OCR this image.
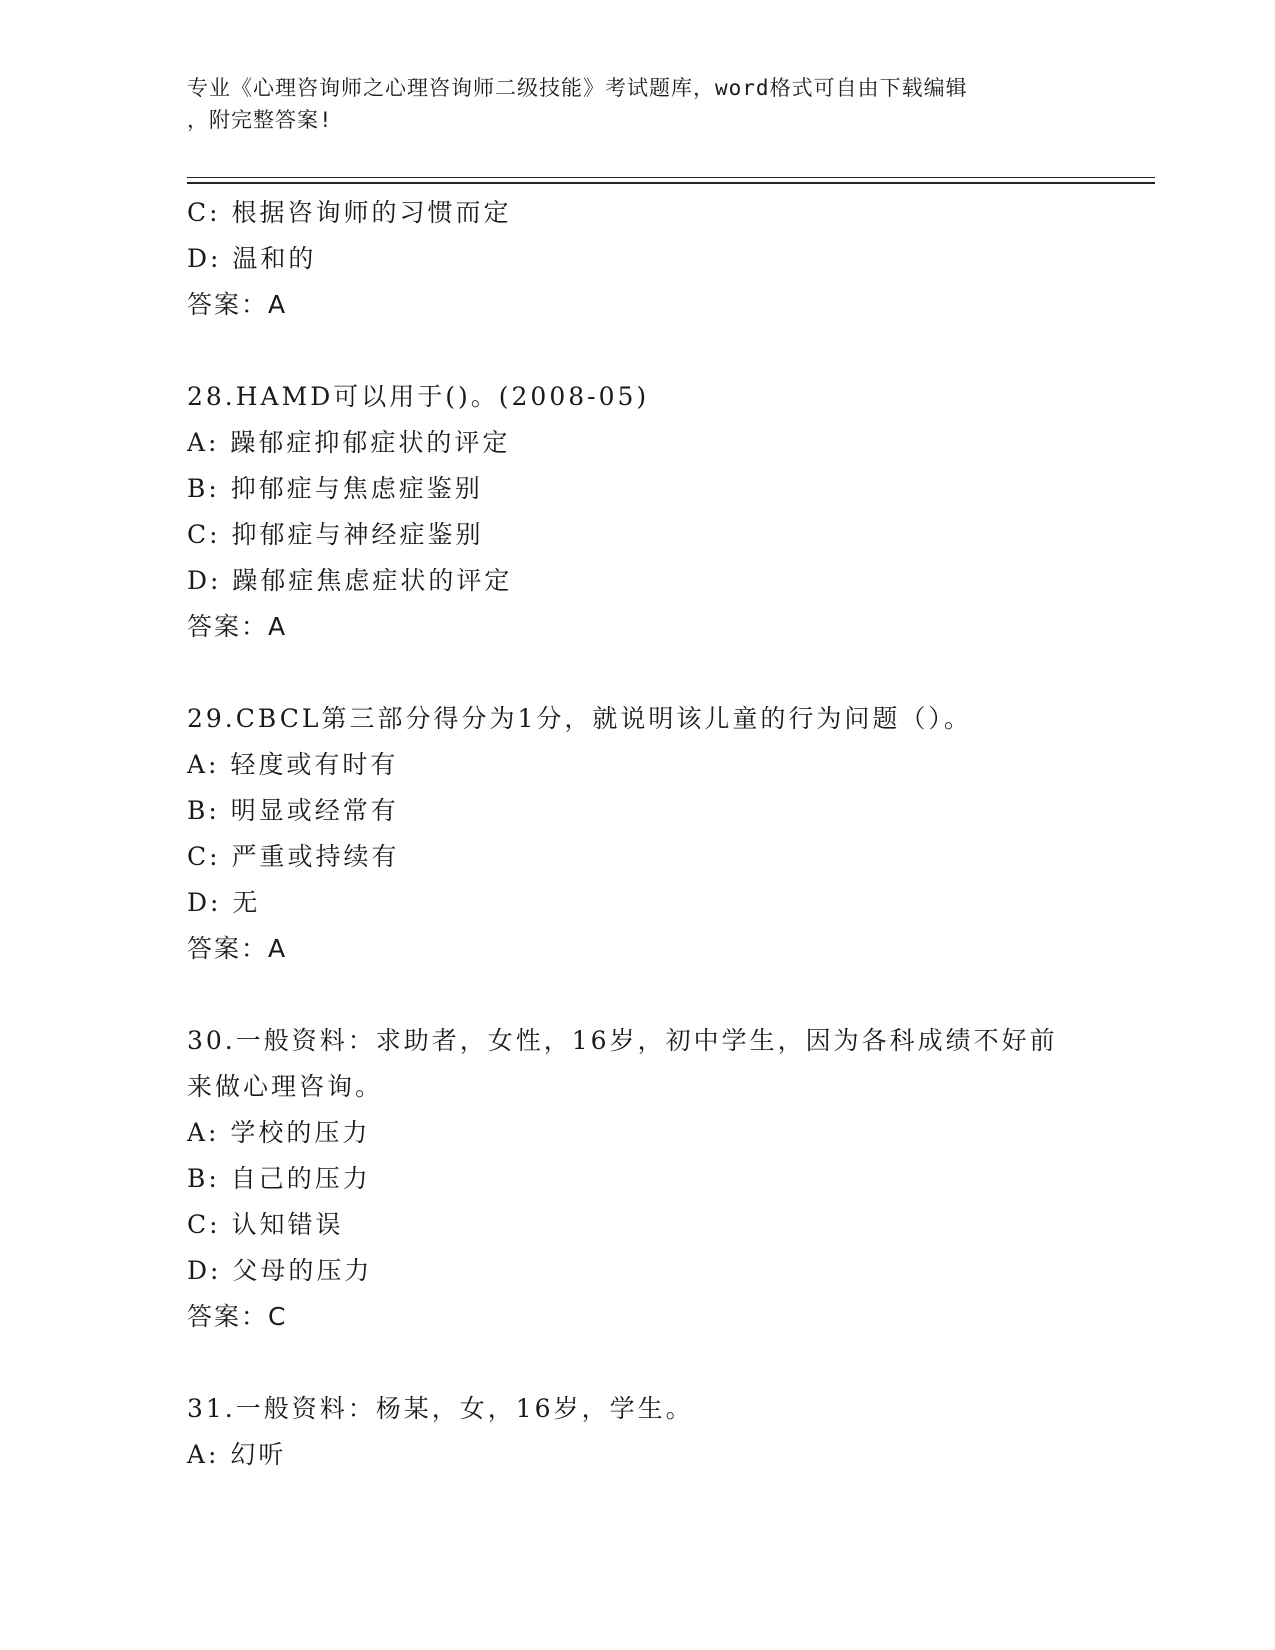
专业《心理咨询师之心理咨询师二级技能》考试题库，word格式可自由下载编辑
，附完整答案!
C: 根据咨询师的习惯而定
D: 温和的
答案：A
28.HAMD可以用于()。(2008-05)
A: 躁郁症抑郁症状的评定
B: 抑郁症与焦虑症鉴别
C: 抑郁症与神经症鉴别
D: 躁郁症焦虑症状的评定
答案：A
29.CBCL第三部分得分为1分，就说明该儿童的行为问题（）。
A: 轻度或有时有
B: 明显或经常有
C: 严重或持续有
D: 无
答案：A
30.一般资料：求助者，女性，16岁，初中学生，因为各科成绩不好前
来做心理咨询。
A: 学校的压力
B: 自己的压力
C: 认知错误
D: 父母的压力
答案：C
31.一般资料：杨某，女，16岁，学生。
A: 幻听
